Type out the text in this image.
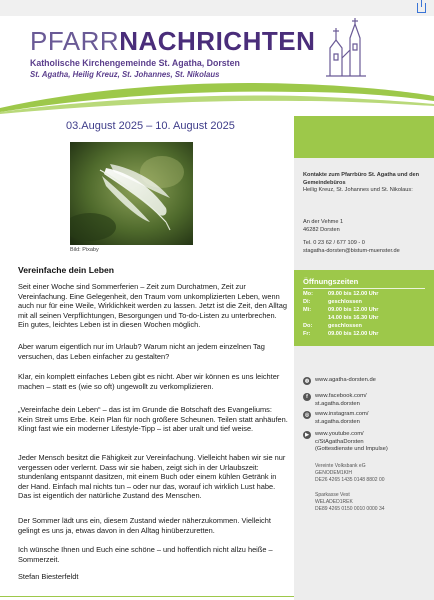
PFARRNACHRICHTEN
Katholische Kirchengemeinde St. Agatha, Dorsten
St. Agatha, Heilig Kreuz, St. Johannes, St. Nikolaus
03.August 2025 – 10. August 2025
Kontakte zum Pfarrbüro St. Agatha und den Gemeindebüros
Heilig Kreuz, St. Johannes und St. Nikolaus:
An der Vehme 1
46282 Dorsten
Tel. 0 23 62 / 677 109 - 0
stagatha-dorsten@bistum-muenster.de
Öffnungszeiten
Mo:	09.00 bis 12.00 Uhr
Di:	geschlossen
Mi:	09.00 bis 12.00 Uhr
14.00 bis 16.30 Uhr
Do:	geschlossen
Fr:	09.00 bis 12.00 Uhr
◍	www.agatha-dorsten.de
f	www.facebook.com/
st.agatha.dorsten
◎	www.instagram.com/
st.agatha.dorsten
▶	www.youtube.com/
c/StAgathaDorsten
(Gottesdienste und Impulse)
Vereinte Volksbank eG
GENODEM1KIH
DE26 4265 1435 0148 8802 00
Sparkasse Vest
WELADED1REK
DE89 4265 0150 0010 0000 34
Bild: Pixaby
Vereinfache dein Leben
Seit einer Woche sind Sommerferien – Zeit zum Durchatmen, Zeit zur Vereinfachung. Eine Gelegenheit, den Traum vom unkomplizierten Leben, wenn auch nur für eine Weile, Wirklichkeit werden zu lassen. Jetzt ist die Zeit, den Alltag mit all seinen Verpflichtungen, Besorgungen und To-do-Listen zu unterbrechen. Ein gutes, leichtes Leben ist in diesen Wochen möglich.
Aber warum eigentlich nur im Urlaub? Warum nicht an jedem einzelnen Tag versuchen, das Leben einfacher zu gestalten?
Klar, ein komplett einfaches Leben gibt es nicht. Aber wir können es uns leichter machen – statt es (wie so oft) ungewollt zu verkomplizieren.
„Vereinfache dein Leben“ – das ist im Grunde die Botschaft des Evangeliums: Kein Streit ums Erbe. Kein Plan für noch größere Scheunen. Teilen statt anhäufen. Klingt fast wie ein moderner Lifestyle-Tipp – ist aber uralt und tief weise.
Jeder Mensch besitzt die Fähigkeit zur Vereinfachung. Vielleicht haben wir sie nur vergessen oder verlernt. Dass wir sie haben, zeigt sich in der Urlaubszeit: stundenlang entspannt dasitzen, mit einem Buch oder einem kühlen Getränk in der Hand. Einfach mal nichts tun – oder nur das, worauf ich wirklich Lust habe. Das ist eigentlich der natürliche Zustand des Menschen.
Der Sommer lädt uns ein, diesem Zustand wieder näherzukommen. Vielleicht gelingt es uns ja, etwas davon in den Alltag hinüberzuretten.
Ich wünsche Ihnen und Euch eine schöne – und hoffentlich nicht allzu heiße – Sommerzeit.
Stefan Biesterfeldt
